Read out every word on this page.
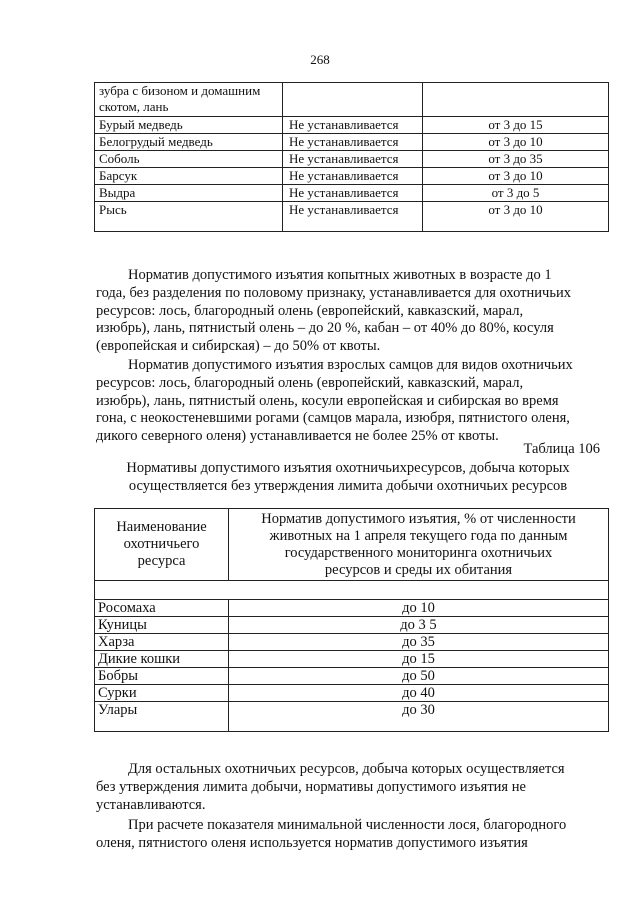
268
зубра с бизоном и домашним скотом, лань		
Бурый медведь	Не устанавливается	от 3 до 15
Белогрудый медведь	Не устанавливается	от 3 до 10
Соболь	Не устанавливается	от 3 до 35
Барсук	Не устанавливается	от 3 до 10
Выдра	Не устанавливается	от 3 до 5
Рысь	Не устанавливается	от 3 до 10

Норматив допустимого изъятия копытных животных в возрасте до 1
года, без разделения по половому признаку, устанавливается для охотничьих
ресурсов: лось, благородный олень (европейский, кавказский, марал,
изюбрь), лань, пятнистый олень – до 20 %, кабан – от 40% до 80%, косуля
(европейская и сибирская) – до 50% от квоты.

Норматив допустимого изъятия взрослых самцов для видов охотничьих
ресурсов: лось, благородный олень (европейский, кавказский, марал,
изюбрь), лань, пятнистый олень, косули европейская и сибирская во время
гона, с неокостеневшими рогами (самцов марала, изюбря, пятнистого оленя,
дикого северного оленя) устанавливается не более 25% от квоты.

Таблица 106

Нормативы допустимого изъятия охотничьихресурсов, добыча которых
осуществляется без утверждения лимита добычи охотничьих ресурсов

Наименование
охотничьего
ресурса	Норматив допустимого изъятия, % от численности
животных на 1 апреля текущего года по данным
государственного мониторинга охотничьих
ресурсов и среды их обитания

Росомаха	до 10
Куницы	до 3 5
Харза	до 35
Дикие кошки	до 15
Бобры	до 50
Сурки	до 40
Улары	до 30

Для остальных охотничьих ресурсов, добыча которых осуществляется
без утверждения лимита добычи, нормативы допустимого изъятия не
устанавливаются.

При расчете показателя минимальной численности лося, благородного
оленя, пятнистого оленя используется норматив допустимого изъятия
